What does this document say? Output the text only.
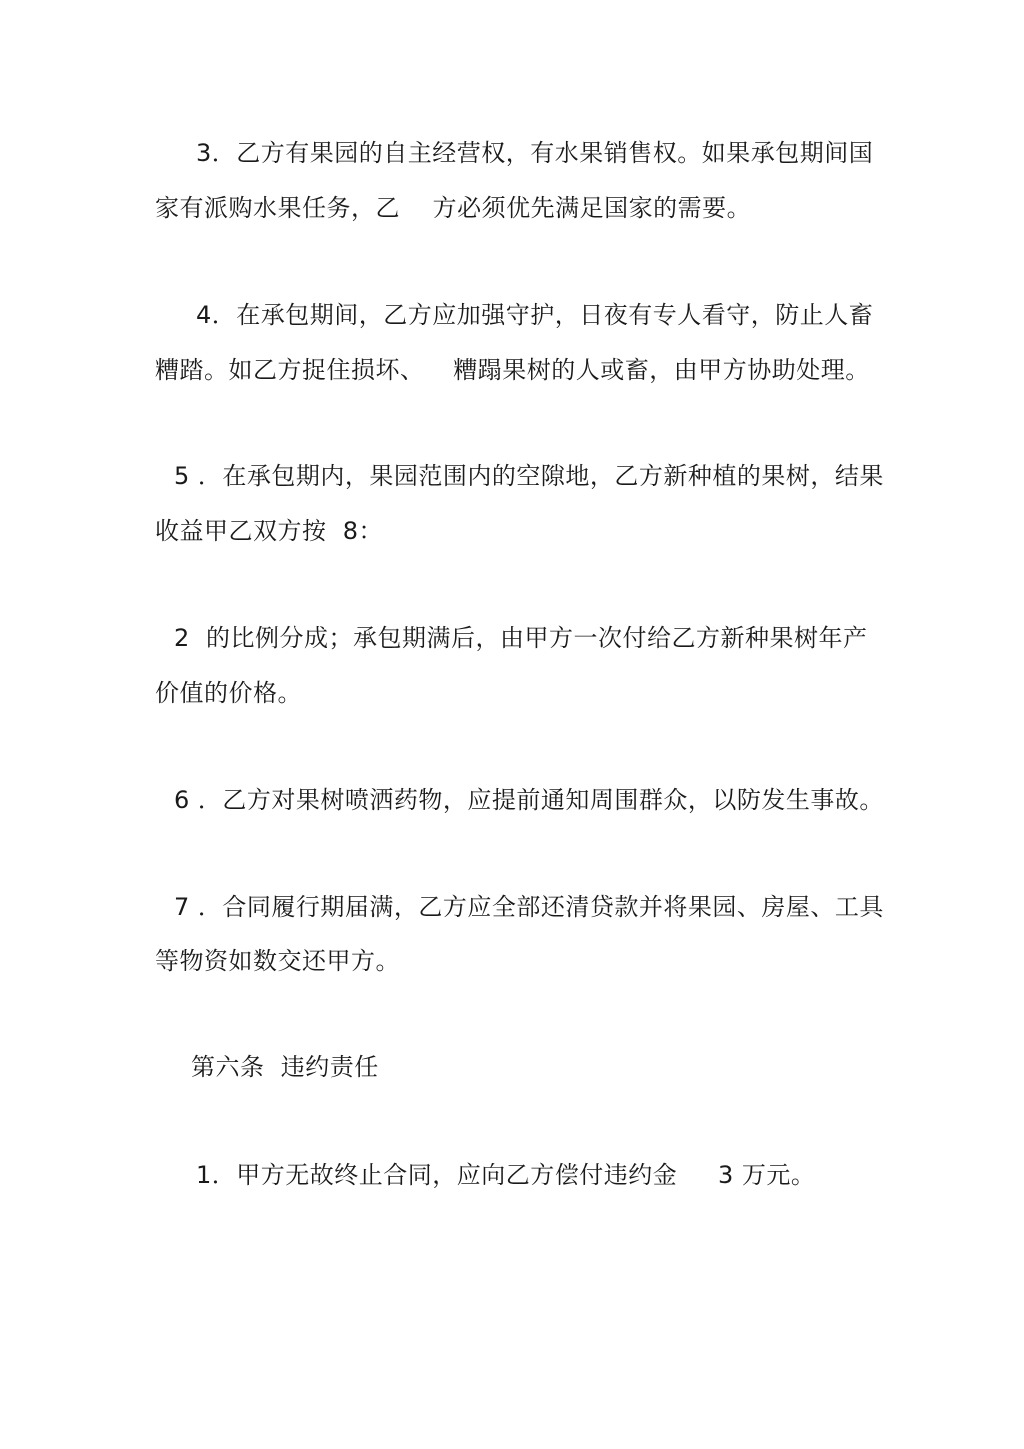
3．乙方有果园的自主经营权，有水果销售权。如果承包期间国
家有派购水果任务，乙　 方必须优先满足国家的需要。
4．在承包期间，乙方应加强守护，日夜有专人看守，防止人畜
糟踏。如乙方捉住损坏、　  糟蹋果树的人或畜，由甲方协助处理。
5 ．在承包期内，果园范围内的空隙地，乙方新种植的果树，结果
收益甲乙双方按  8：
2  的比例分成；承包期满后，由甲方一次付给乙方新种果树年产
价值的价格。
6 ．乙方对果树喷洒药物，应提前通知周围群众，以防发生事故。
7 ．合同履行期届满，乙方应全部还清贷款并将果园、房屋、工具
等物资如数交还甲方。
第六条  违约责任
1．甲方无故终止合同，应向乙方偿付违约金　  3 万元。
